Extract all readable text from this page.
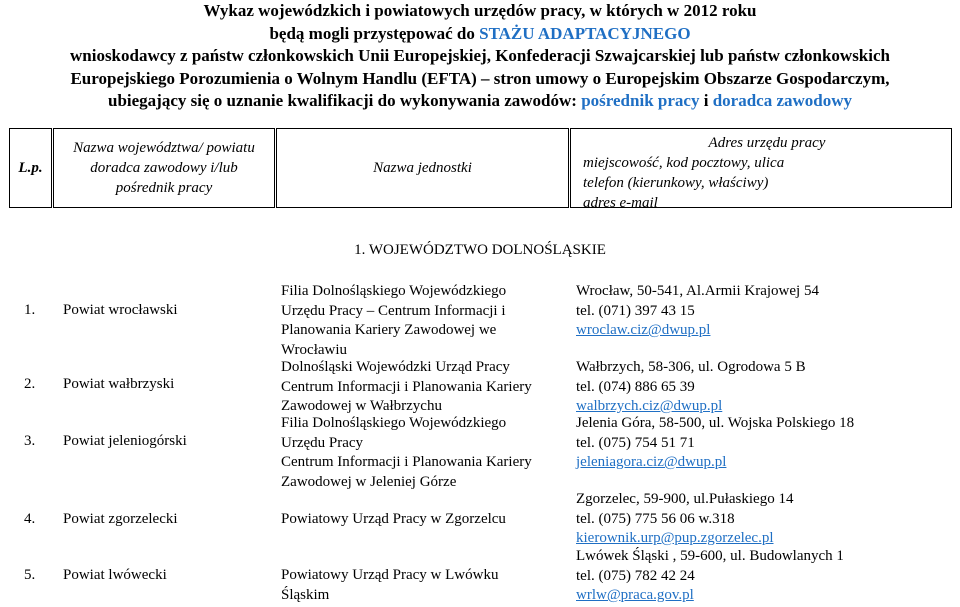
Wykaz wojewódzkich i powiatowych urzędów pracy, w których w 2012 roku
będą mogli przystępować do STAŻU ADAPTACYJNEGO
wnioskodawcy z państw członkowskich Unii Europejskiej, Konfederacji Szwajcarskiej lub państw członkowskich
Europejskiego Porozumienia o Wolnym Handlu (EFTA) – stron umowy o Europejskim Obszarze Gospodarczym,
ubiegający się o uznanie kwalifikacji do wykonywania zawodów: pośrednik pracy i doradca zawodowy
L.p.
Nazwa województwa/ powiatu
doradca zawodowy i/lub
pośrednik pracy
Nazwa jednostki
Adres urzędu pracy
miejscowość, kod pocztowy, ulica
telefon (kierunkowy, właściwy)
adres e-mail
1. WOJEWÓDZTWO DOLNOŚLĄSKIE
1. Powiat wrocławski
Filia Dolnośląskiego Wojewódzkiego
Urzędu Pracy – Centrum Informacji i
Planowania Kariery Zawodowej we
Wrocławiu
Wrocław, 50-541, Al.Armii Krajowej 54
tel. (071) 397 43 15
wroclaw.ciz@dwup.pl
2. Powiat wałbrzyski
Dolnośląski Wojewódzki Urząd Pracy
Centrum Informacji i Planowania Kariery
Zawodowej w Wałbrzychu
Wałbrzych, 58-306, ul. Ogrodowa 5 B
tel. (074) 886 65 39
walbrzych.ciz@dwup.pl
3. Powiat jeleniogórski
Filia Dolnośląskiego Wojewódzkiego
Urzędu Pracy
Centrum Informacji i Planowania Kariery
Zawodowej w Jeleniej Górze
Jelenia Góra, 58-500, ul. Wojska Polskiego 18
tel. (075) 754 51 71
jeleniagora.ciz@dwup.pl
4. Powiat zgorzelecki	Powiatowy Urząd Pracy w Zgorzelcu
Zgorzelec, 59-900, ul.Pułaskiego 14
tel. (075) 775 56 06 w.318
kierownik.urp@pup.zgorzelec.pl
5. Powiat lwówecki	Powiatowy Urząd Pracy w Lwówku
Śląskim
Lwówek Śląski , 59-600, ul. Budowlanych 1
tel. (075) 782 42 24
wrlw@praca.gov.pl
